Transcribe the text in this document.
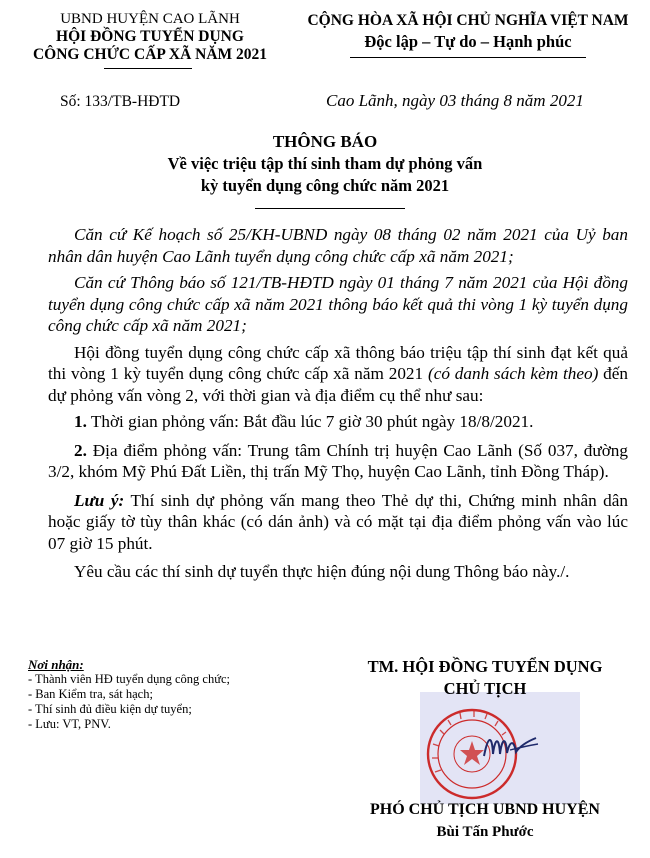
UBND HUYỆN CAO LÃNH
HỘI ĐỒNG TUYỂN DỤNG
CÔNG CHỨC CẤP XÃ NĂM 2021
CỘNG HÒA XÃ HỘI CHỦ NGHĨA VIỆT NAM
Độc lập – Tự do – Hạnh phúc
Số: 133/TB-HĐTD	Cao Lãnh, ngày 03 tháng 8 năm 2021
THÔNG BÁO
Về việc triệu tập thí sinh tham dự phỏng vấn
kỳ tuyển dụng công chức năm 2021

Căn cứ Kế hoạch số 25/KH-UBND ngày 08 tháng 02 năm 2021 của Uỷ ban nhân dân huyện Cao Lãnh tuyển dụng công chức cấp xã năm 2021;

Căn cứ Thông báo số 121/TB-HĐTD ngày 01 tháng 7 năm 2021 của Hội đồng tuyển dụng công chức cấp xã năm 2021 thông báo kết quả thi vòng 1 kỳ tuyển dụng công chức cấp xã năm 2021;

Hội đồng tuyển dụng công chức cấp xã thông báo triệu tập thí sinh đạt kết quả thi vòng 1 kỳ tuyển dụng công chức cấp xã năm 2021 (có danh sách kèm theo) đến dự phỏng vấn vòng 2, với thời gian và địa điểm cụ thể như sau:

1. Thời gian phỏng vấn: Bắt đầu lúc 7 giờ 30 phút ngày 18/8/2021.

2. Địa điểm phỏng vấn: Trung tâm Chính trị huyện Cao Lãnh (Số 037, đường 3/2, khóm Mỹ Phú Đất Liền, thị trấn Mỹ Thọ, huyện Cao Lãnh, tỉnh Đồng Tháp).

Lưu ý: Thí sinh dự phỏng vấn mang theo Thẻ dự thi, Chứng minh nhân dân hoặc giấy tờ tùy thân khác (có dán ảnh) và có mặt tại địa điểm phỏng vấn vào lúc 07 giờ 15 phút.

Yêu cầu các thí sinh dự tuyển thực hiện đúng nội dung Thông báo này./.

Nơi nhận:
- Thành viên HĐ tuyển dụng công chức;
- Ban Kiểm tra, sát hạch;
- Thí sinh đủ điều kiện dự tuyển;
- Lưu: VT, PNV.
TM. HỘI ĐỒNG TUYỂN DỤNG
CHỦ TỊCH
PHÓ CHỦ TỊCH UBND HUYỆN
Bùi Tấn Phước
